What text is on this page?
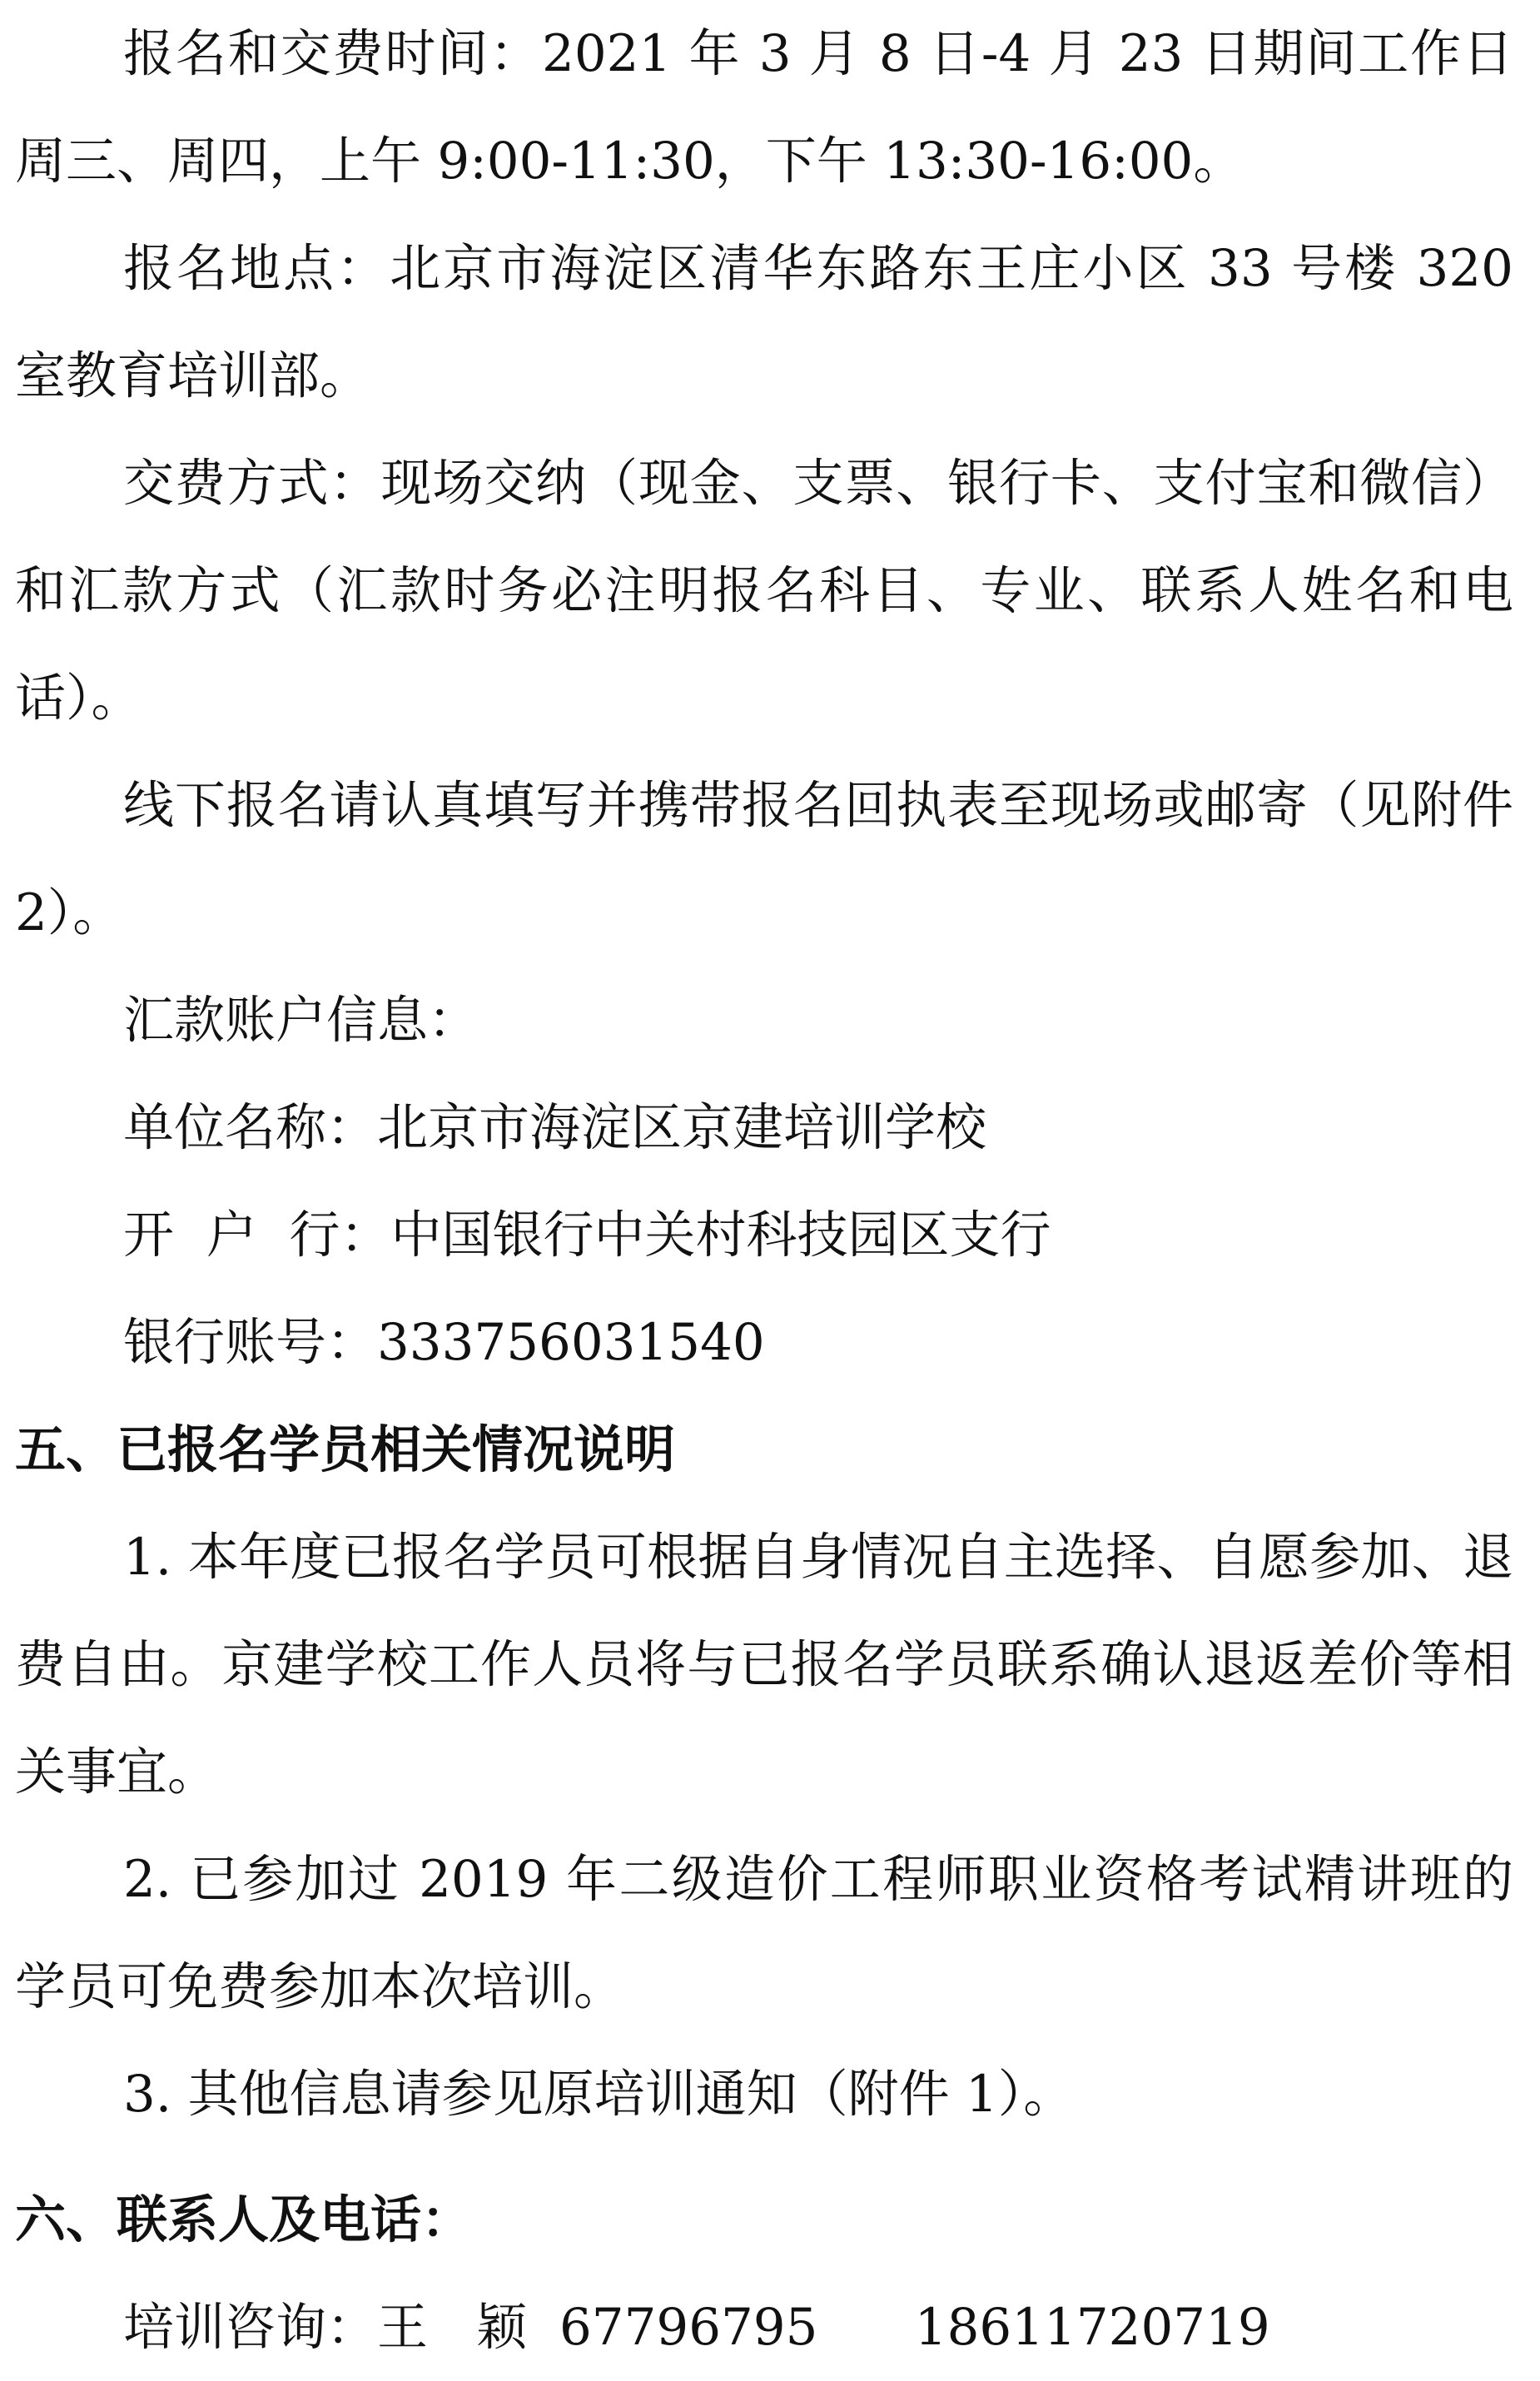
报名和交费时间：2021 年 3 月 8 日-4 月 23 日期间工作日周三、周四，上午 9:00-11:30，下午 13:30-16:00。

报名地点：北京市海淀区清华东路东王庄小区 33 号楼 320 室教育培训部。

交费方式：现场交纳（现金、支票、银行卡、支付宝和微信）和汇款方式（汇款时务必注明报名科目、专业、联系人姓名和电话）。

线下报名请认真填写并携带报名回执表至现场或邮寄（见附件 2）。

汇款账户信息：

单位名称：北京市海淀区京建培训学校

开  户  行：中国银行中关村科技园区支行

银行账号：333756031540

五、已报名学员相关情况说明

1. 本年度已报名学员可根据自身情况自主选择、自愿参加、退费自由。京建学校工作人员将与已报名学员联系确认退返差价等相关事宜。

2. 已参加过 2019 年二级造价工程师职业资格考试精讲班的学员可免费参加本次培训。

3. 其他信息请参见原培训通知（附件 1）。

六、联系人及电话：

培训咨询：王   颖  67796795      18611720719
